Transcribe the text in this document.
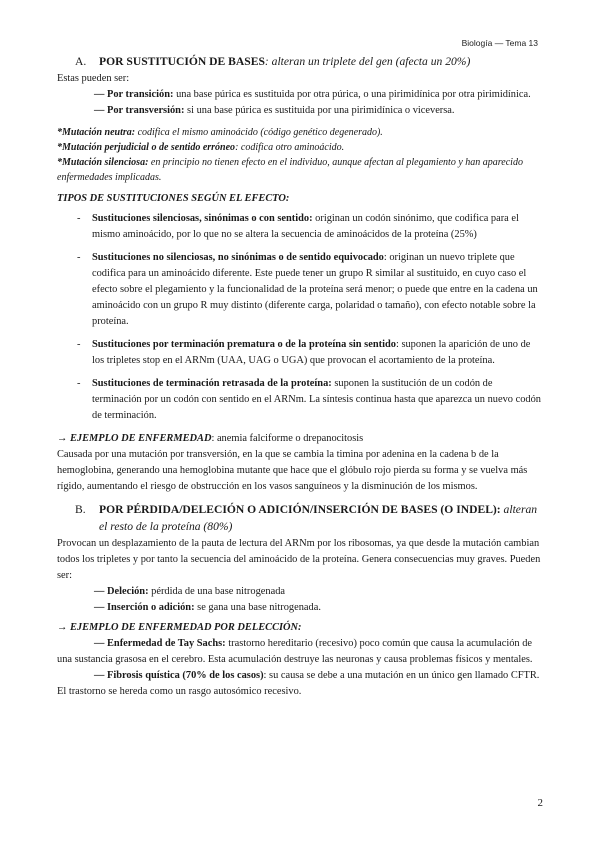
Biología — Tema 13
A.	POR SUSTITUCIÓN DE BASES: alteran un triplete del gen (afecta un 20%)

Estas pueden ser:

— Por transición: una base púrica es sustituida por otra púrica, o una pirimidínica por otra pirimidínica.

— Por transversión: si una base púrica es sustituida por una pirimidínica o viceversa.

*Mutación neutra: codifica el mismo aminoácido (código genético degenerado).

*Mutación perjudicial o de sentido erróneo: codifica otro aminoácido.

*Mutación silenciosa: en principio no tienen efecto en el individuo, aunque afectan al plegamiento y han aparecido enfermedades implicadas.

TIPOS DE SUSTITUCIONES SEGÚN EL EFECTO:

- Sustituciones silenciosas, sinónimas o con sentido: originan un codón sinónimo, que codifica para el mismo aminoácido, por lo que no se altera la secuencia de aminoácidos de la proteína (25%)
- Sustituciones no silenciosas, no sinónimas o de sentido equivocado: originan un nuevo triplete que codifica para un aminoácido diferente. Este puede tener un grupo R similar al sustituido, en cuyo caso el efecto sobre el plegamiento y la funcionalidad de la proteína será menor; o puede que entre en la cadena un aminoácido con un grupo R muy distinto (diferente carga, polaridad o tamaño), con efecto notable sobre la proteína.
- Sustituciones por terminación prematura o de la proteína sin sentido: suponen la aparición de uno de los tripletes stop en el ARNm (UAA, UAG o UGA) que provocan el acortamiento de la proteína.
- Sustituciones de terminación retrasada de la proteína: suponen la sustitución de un codón de terminación por un codón con sentido en el ARNm. La síntesis continua hasta que aparezca un nuevo codón de terminación.

→ EJEMPLO DE ENFERMEDAD: anemia falciforme o drepanocitosis

Causada por una mutación por transversión, en la que se cambia la timina por adenina en la cadena b de la hemoglobina, generando una hemoglobina mutante que hace que el glóbulo rojo pierda su forma y se vuelva más rígido, aumentando el riesgo de obstrucción en los vasos sanguíneos y la disminución de los mismos.

B.	POR PÉRDIDA/DELECIÓN O ADICIÓN/INSERCIÓN DE BASES (O INDEL): alteran el resto de la proteína (80%)

Provocan un desplazamiento de la pauta de lectura del ARNm por los ribosomas, ya que desde la mutación cambian todos los tripletes y por tanto la secuencia del aminoácido de la proteína. Genera consecuencias muy graves. Pueden ser:

— Deleción: pérdida de una base nitrogenada

— Inserción o adición: se gana una base nitrogenada.

→ EJEMPLO DE ENFERMEDAD POR DELECCIÓN:

— Enfermedad de Tay Sachs: trastorno hereditario (recesivo) poco común que causa la acumulación de una sustancia grasosa en el cerebro. Esta acumulación destruye las neuronas y causa problemas físicos y mentales.

— Fibrosis quística (70% de los casos): su causa se debe a una mutación en un único gen llamado CFTR. El trastorno se hereda como un rasgo autosómico recesivo.

2
